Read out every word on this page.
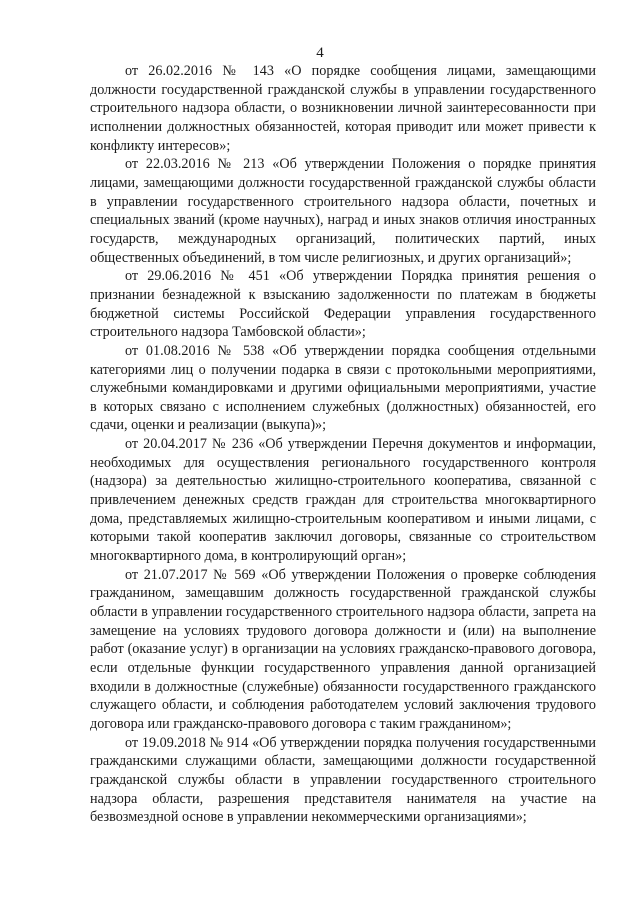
4

от 26.02.2016 № 143 «О порядке сообщения лицами, замещающими должности государственной гражданской службы в управлении государственного строительного надзора области, о возникновении личной заинтересованности при исполнении должностных обязанностей, которая приводит или может привести к конфликту интересов»;

от 22.03.2016 № 213 «Об утверждении Положения о порядке принятия лицами, замещающими должности государственной гражданской службы области в управлении государственного строительного надзора области, почетных и специальных званий (кроме научных), наград и иных знаков отличия иностранных государств, международных организаций, политических партий, иных общественных объединений, в том числе религиозных, и других организаций»;

от 29.06.2016 № 451 «Об утверждении Порядка принятия решения о признании безнадежной к взысканию задолженности по платежам в бюджеты бюджетной системы Российской Федерации управления государственного строительного надзора Тамбовской области»;

от 01.08.2016 № 538 «Об утверждении порядка сообщения отдельными категориями лиц о получении подарка в связи с протокольными мероприятиями, служебными командировками и другими официальными мероприятиями, участие в которых связано с исполнением служебных (должностных) обязанностей, его сдачи, оценки и реализации (выкупа)»;

от 20.04.2017 № 236 «Об утверждении Перечня документов и информации, необходимых для осуществления регионального государственного контроля (надзора) за деятельностью жилищно-строительного кооператива, связанной с привлечением денежных средств граждан для строительства многоквартирного дома, представляемых жилищно-строительным кооперативом и иными лицами, с которыми такой кооператив заключил договоры, связанные со строительством многоквартирного дома, в контролирующий орган»;

от 21.07.2017 № 569 «Об утверждении Положения о проверке соблюдения гражданином, замещавшим должность государственной гражданской службы области в управлении государственного строительного надзора области, запрета на замещение на условиях трудового договора должности и (или) на выполнение работ (оказание услуг) в организации на условиях гражданско-правового договора, если отдельные функции государственного управления данной организацией входили в должностные (служебные) обязанности государственного гражданского служащего области, и соблюдения работодателем условий заключения трудового договора или гражданско-правового договора с таким гражданином»;

от 19.09.2018 № 914 «Об утверждении порядка получения государственными гражданскими служащими области, замещающими должности государственной гражданской службы области в управлении государственного строительного надзора области, разрешения представителя нанимателя на участие на безвозмездной основе в управлении некоммерческими организациями»;
